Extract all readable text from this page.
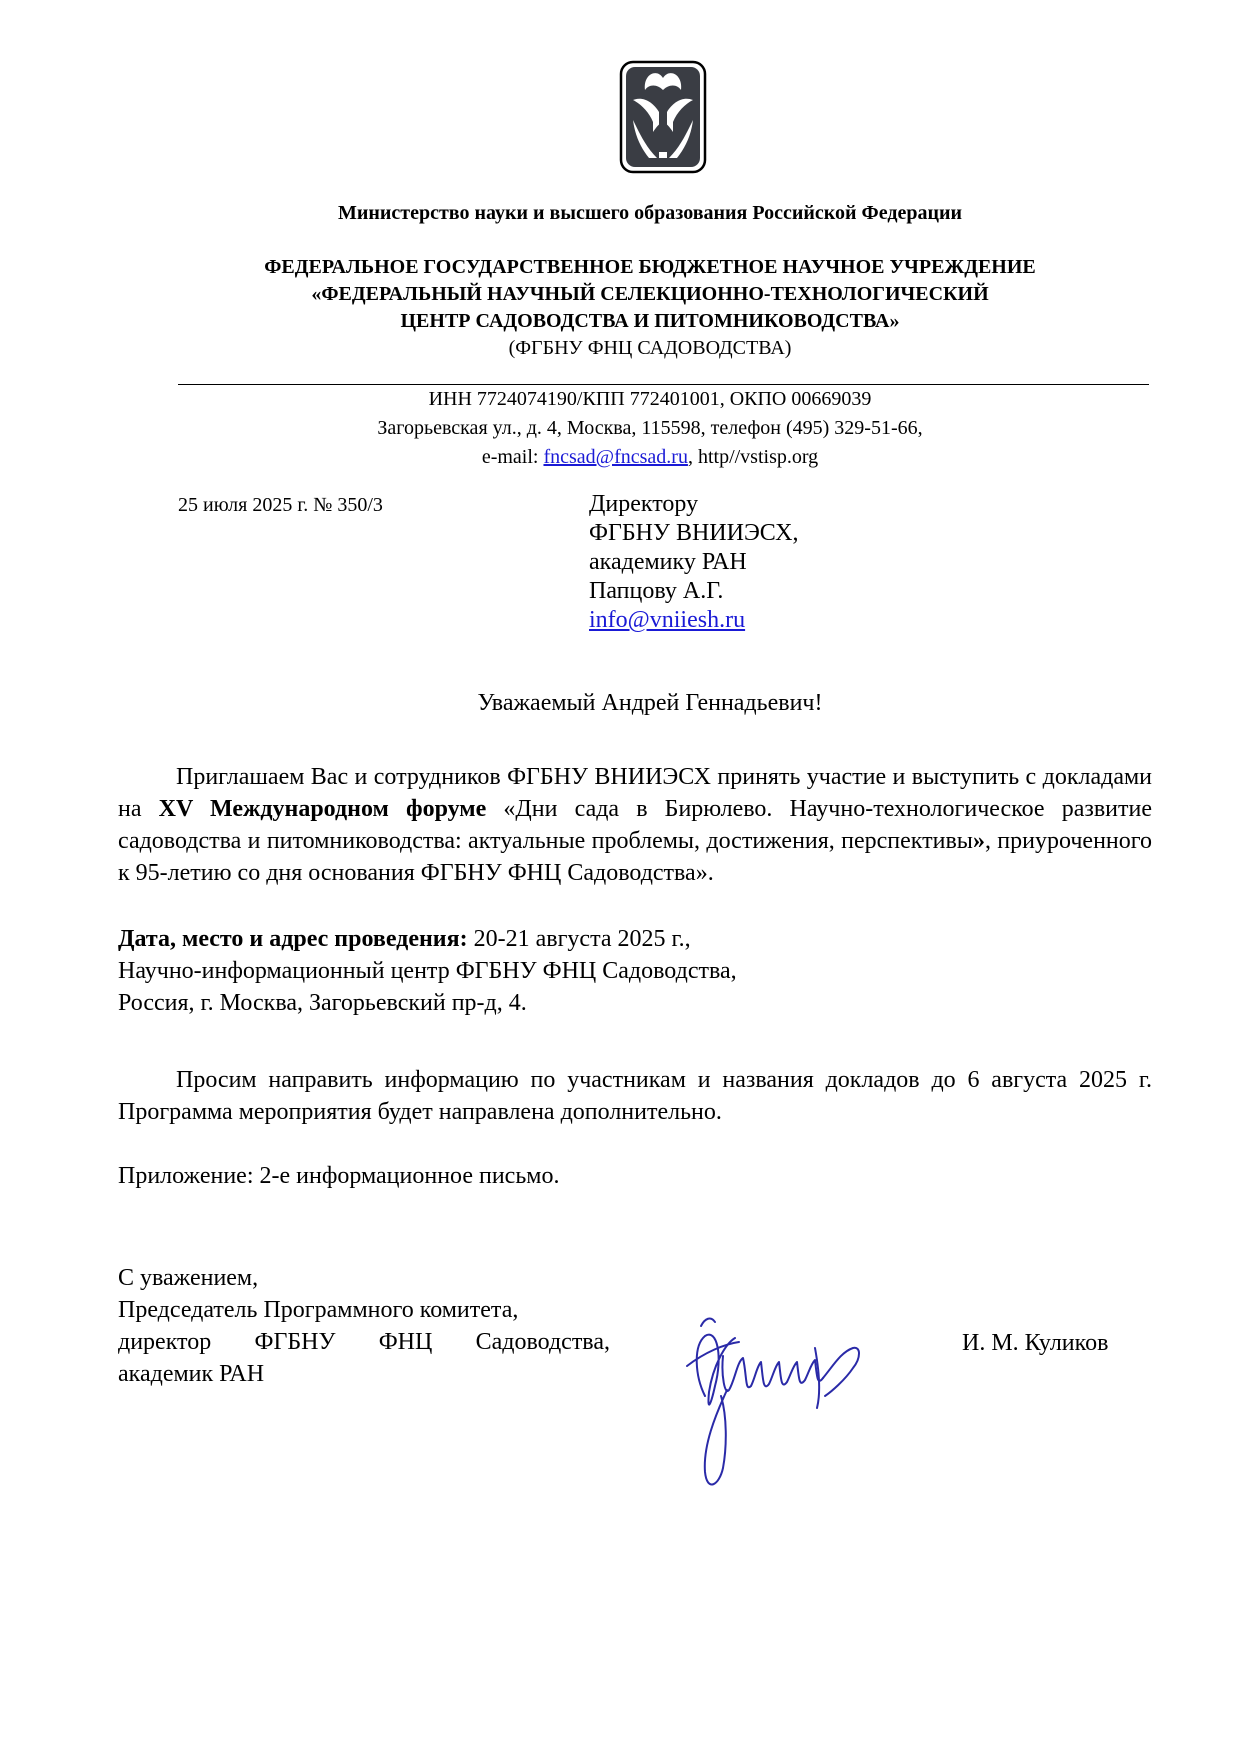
Министерство науки и высшего образования Российской Федерации
ФЕДЕРАЛЬНОЕ ГОСУДАРСТВЕННОЕ БЮДЖЕТНОЕ НАУЧНОЕ УЧРЕЖДЕНИЕ
«ФЕДЕРАЛЬНЫЙ НАУЧНЫЙ СЕЛЕКЦИОННО-ТЕХНОЛОГИЧЕСКИЙ
ЦЕНТР САДОВОДСТВА И ПИТОМНИКОВОДСТВА»
(ФГБНУ ФНЦ САДОВОДСТВА)
ИНН 7724074190/КПП 772401001, ОКПО 00669039
Загорьевская ул., д. 4, Москва, 115598, телефон (495) 329-51-66,
e-mail: fncsad@fncsad.ru, http//vstisp.org
25 июля 2025 г. № 350/3	Директору
ФГБНУ ВНИИЭСХ,
академику РАН
Папцову А.Г.
info@vniiesh.ru
Уважаемый Андрей Геннадьевич!
Приглашаем Вас и сотрудников ФГБНУ ВНИИЭСХ принять участие и выступить с докладами на XV Международном форуме «Дни сада в Бирюлево. Научно-технологическое развитие садоводства и питомниководства: актуальные проблемы, достижения, перспективы», приуроченного к 95-летию со дня основания ФГБНУ ФНЦ Садоводства».
Дата, место и адрес проведения: 20-21 августа 2025 г.,
Научно-информационный центр ФГБНУ ФНЦ Садоводства,
Россия, г. Москва, Загорьевский пр-д, 4.
Просим направить информацию по участникам и названия докладов до 6 августа 2025 г. Программа мероприятия будет направлена дополнительно.
Приложение: 2-е информационное письмо.
С уважением,
Председатель Программного комитета,
директор ФГБНУ ФНЦ Садоводства,
академик РАН
И. М. Куликов
